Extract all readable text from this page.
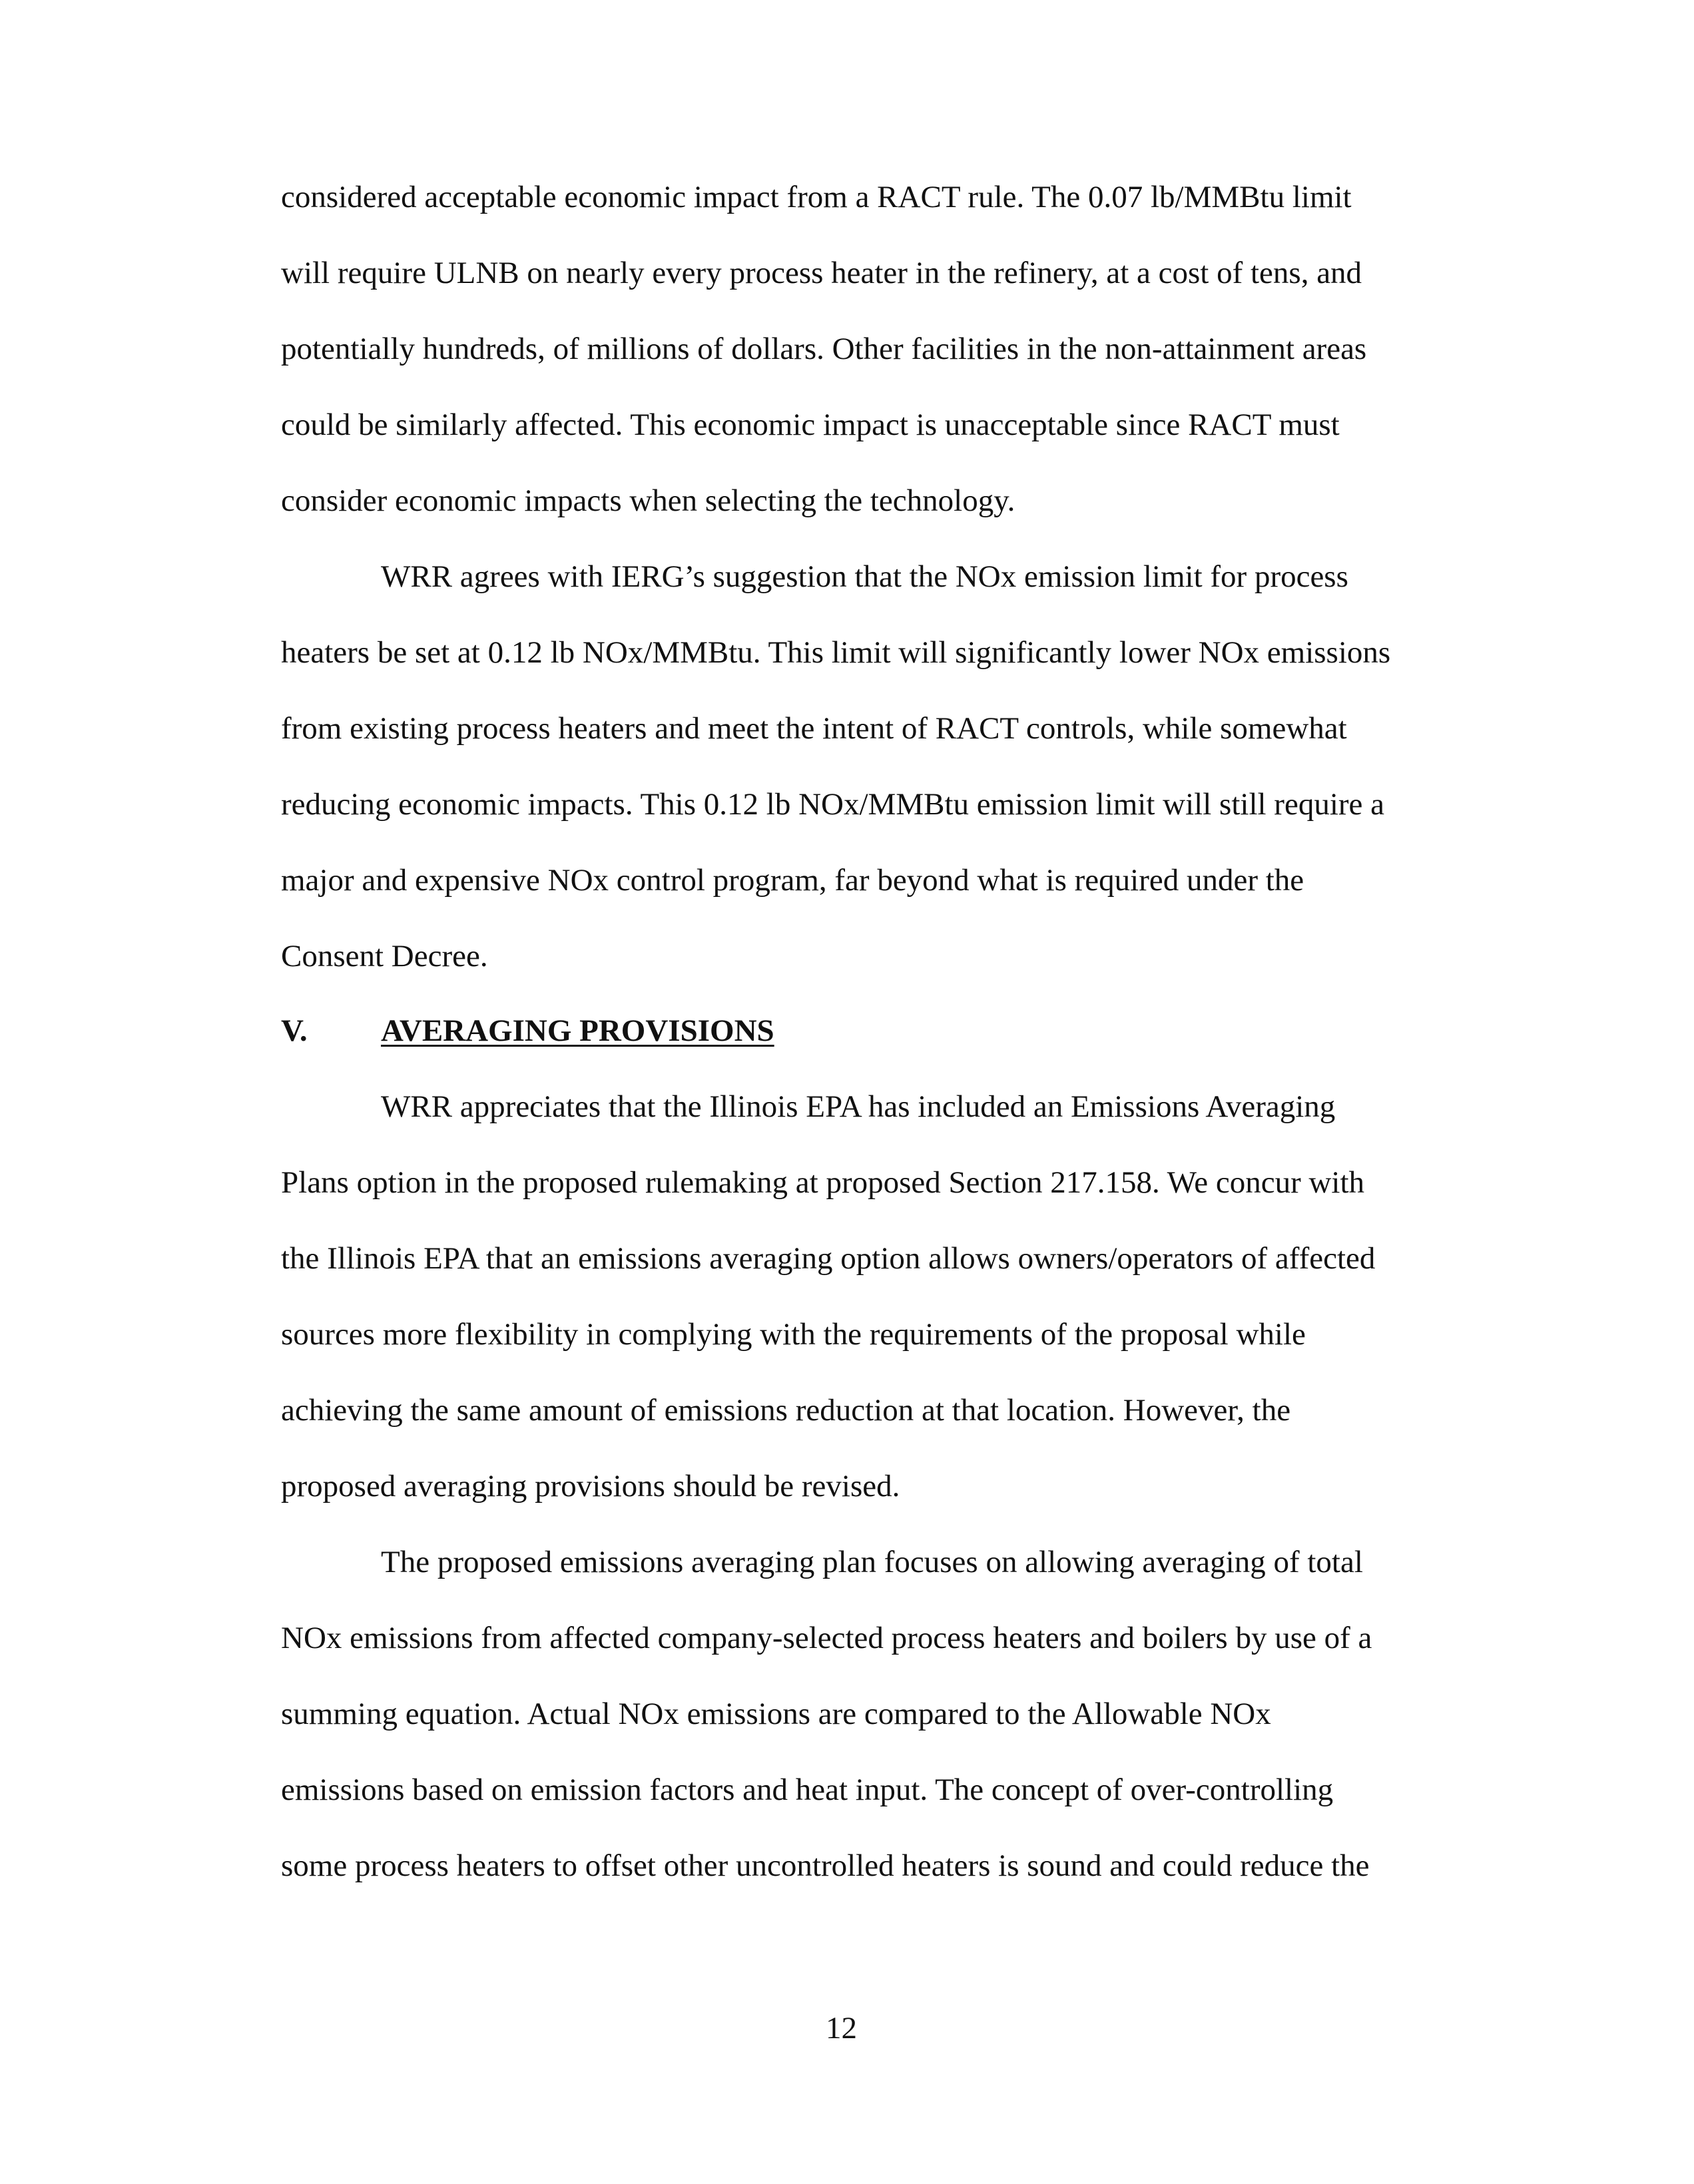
considered acceptable economic impact from a RACT rule. The 0.07 lb/MMBtu limit
will require ULNB on nearly every process heater in the refinery, at a cost of tens, and
potentially hundreds, of millions of dollars. Other facilities in the non-attainment areas
could be similarly affected. This economic impact is unacceptable since RACT must
consider economic impacts when selecting the technology.
WRR agrees with IERG’s suggestion that the NOx emission limit for process
heaters be set at 0.12 lb NOx/MMBtu. This limit will significantly lower NOx emissions
from existing process heaters and meet the intent of RACT controls, while somewhat
reducing economic impacts. This 0.12 lb NOx/MMBtu emission limit will still require a
major and expensive NOx control program, far beyond what is required under the
Consent Decree.
V. AVERAGING PROVISIONS
WRR appreciates that the Illinois EPA has included an Emissions Averaging
Plans option in the proposed rulemaking at proposed Section 217.158. We concur with
the Illinois EPA that an emissions averaging option allows owners/operators of affected
sources more flexibility in complying with the requirements of the proposal while
achieving the same amount of emissions reduction at that location. However, the
proposed averaging provisions should be revised.
The proposed emissions averaging plan focuses on allowing averaging of total
NOx emissions from affected company-selected process heaters and boilers by use of a
summing equation. Actual NOx emissions are compared to the Allowable NOx
emissions based on emission factors and heat input. The concept of over-controlling
some process heaters to offset other uncontrolled heaters is sound and could reduce the
12
